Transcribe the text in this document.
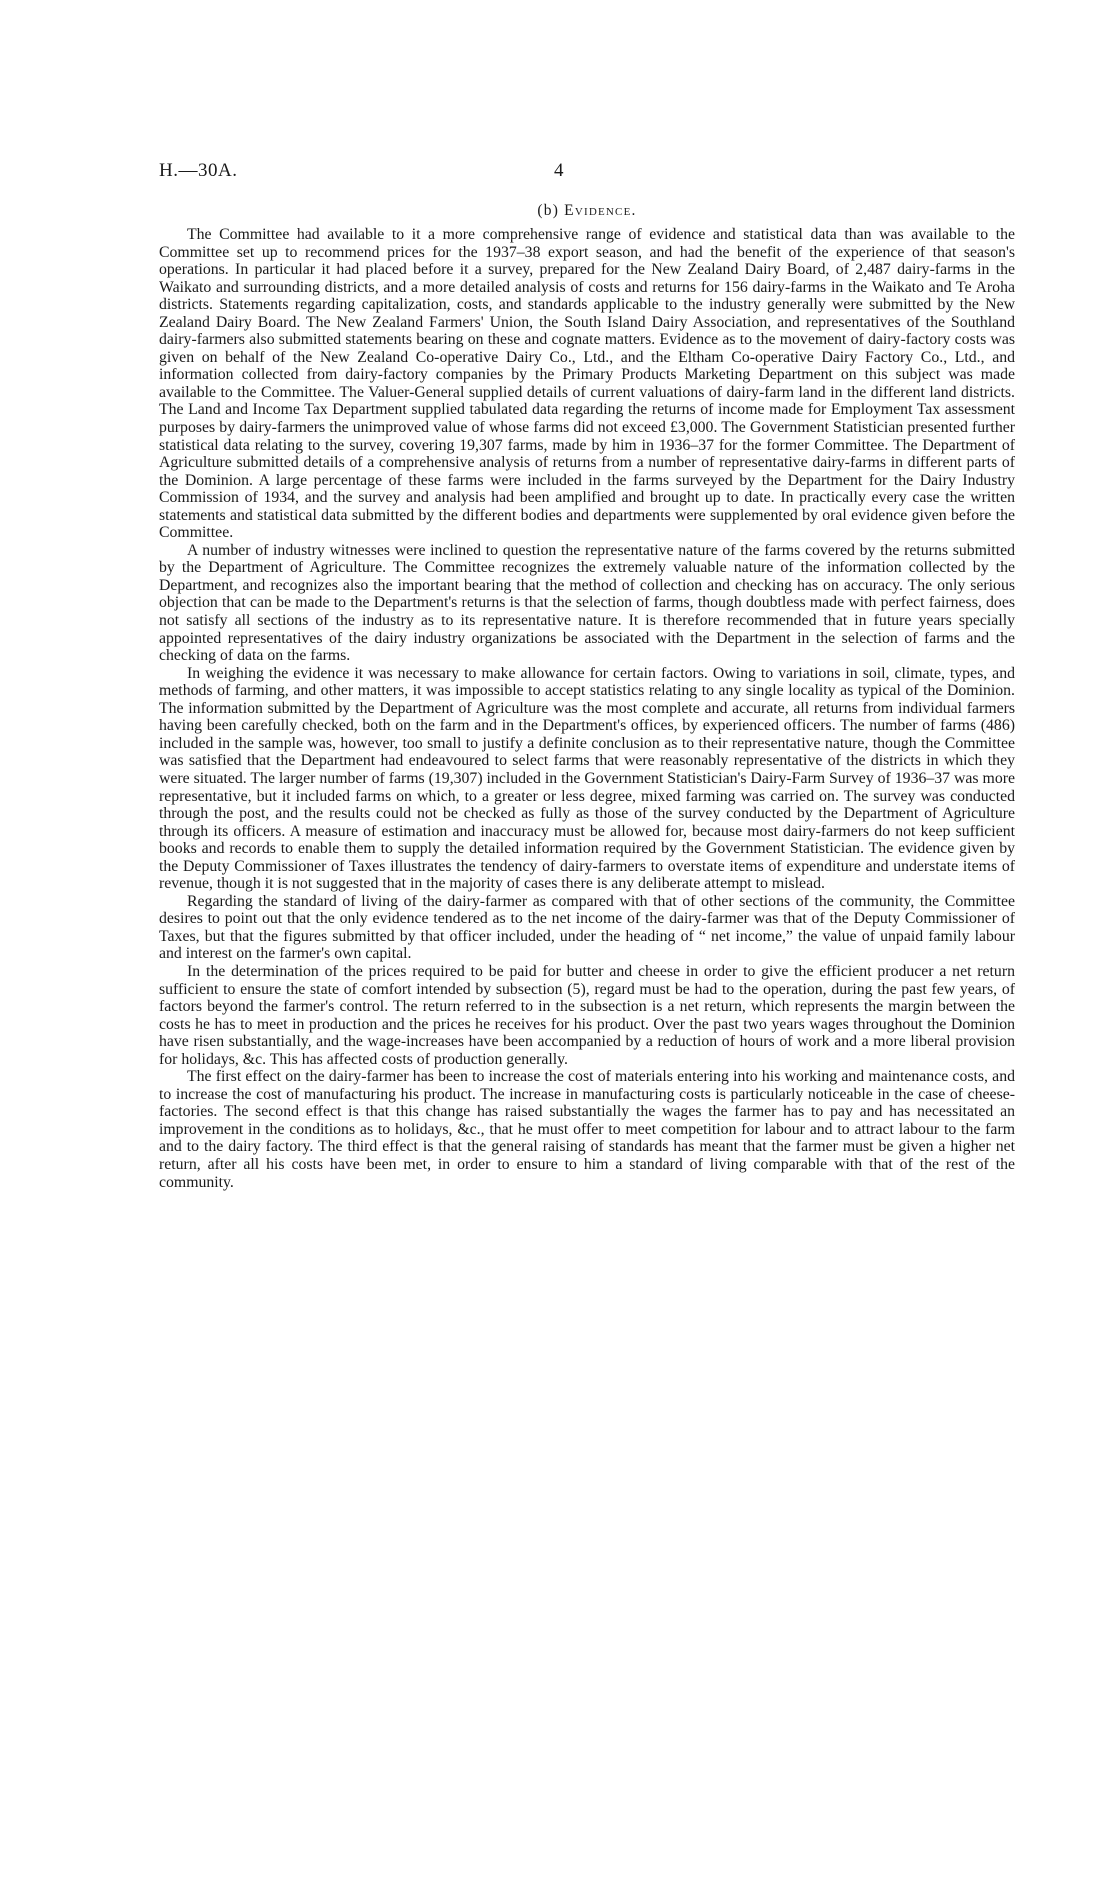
H.—30A.	4
(b) Evidence.

The Committee had available to it a more comprehensive range of evidence and statistical data than was available to the Committee set up to recommend prices for the 1937–38 export season, and had the benefit of the experience of that season's operations. In particular it had placed before it a survey, prepared for the New Zealand Dairy Board, of 2,487 dairy-farms in the Waikato and surrounding districts, and a more detailed analysis of costs and returns for 156 dairy-farms in the Waikato and Te Aroha districts. Statements regarding capitalization, costs, and standards applicable to the industry generally were submitted by the New Zealand Dairy Board. The New Zealand Farmers' Union, the South Island Dairy Association, and representatives of the Southland dairy-farmers also submitted statements bearing on these and cognate matters. Evidence as to the movement of dairy-factory costs was given on behalf of the New Zealand Co-operative Dairy Co., Ltd., and the Eltham Co-operative Dairy Factory Co., Ltd., and information collected from dairy-factory companies by the Primary Products Marketing Department on this subject was made available to the Committee. The Valuer-General supplied details of current valuations of dairy-farm land in the different land districts. The Land and Income Tax Department supplied tabulated data regarding the returns of income made for Employment Tax assessment purposes by dairy-farmers the unimproved value of whose farms did not exceed £3,000. The Government Statistician presented further statistical data relating to the survey, covering 19,307 farms, made by him in 1936–37 for the former Committee. The Department of Agriculture submitted details of a comprehensive analysis of returns from a number of representative dairy-farms in different parts of the Dominion. A large percentage of these farms were included in the farms surveyed by the Department for the Dairy Industry Commission of 1934, and the survey and analysis had been amplified and brought up to date. In practically every case the written statements and statistical data submitted by the different bodies and departments were supplemented by oral evidence given before the Committee.

A number of industry witnesses were inclined to question the representative nature of the farms covered by the returns submitted by the Department of Agriculture. The Committee recognizes the extremely valuable nature of the information collected by the Department, and recognizes also the important bearing that the method of collection and checking has on accuracy. The only serious objection that can be made to the Department's returns is that the selection of farms, though doubtless made with perfect fairness, does not satisfy all sections of the industry as to its representative nature. It is therefore recommended that in future years specially appointed representatives of the dairy industry organizations be associated with the Department in the selection of farms and the checking of data on the farms.

In weighing the evidence it was necessary to make allowance for certain factors. Owing to variations in soil, climate, types, and methods of farming, and other matters, it was impossible to accept statistics relating to any single locality as typical of the Dominion. The information submitted by the Department of Agriculture was the most complete and accurate, all returns from individual farmers having been carefully checked, both on the farm and in the Department's offices, by experienced officers. The number of farms (486) included in the sample was, however, too small to justify a definite conclusion as to their representative nature, though the Committee was satisfied that the Department had endeavoured to select farms that were reasonably representative of the districts in which they were situated. The larger number of farms (19,307) included in the Government Statistician's Dairy-Farm Survey of 1936–37 was more representative, but it included farms on which, to a greater or less degree, mixed farming was carried on. The survey was conducted through the post, and the results could not be checked as fully as those of the survey conducted by the Department of Agriculture through its officers. A measure of estimation and inaccuracy must be allowed for, because most dairy-farmers do not keep sufficient books and records to enable them to supply the detailed information required by the Government Statistician. The evidence given by the Deputy Commissioner of Taxes illustrates the tendency of dairy-farmers to overstate items of expenditure and understate items of revenue, though it is not suggested that in the majority of cases there is any deliberate attempt to mislead.

Regarding the standard of living of the dairy-farmer as compared with that of other sections of the community, the Committee desires to point out that the only evidence tendered as to the net income of the dairy-farmer was that of the Deputy Commissioner of Taxes, but that the figures submitted by that officer included, under the heading of “ net income,” the value of unpaid family labour and interest on the farmer's own capital.

In the determination of the prices required to be paid for butter and cheese in order to give the efficient producer a net return sufficient to ensure the state of comfort intended by subsection (5), regard must be had to the operation, during the past few years, of factors beyond the farmer's control. The return referred to in the subsection is a net return, which represents the margin between the costs he has to meet in production and the prices he receives for his product. Over the past two years wages throughout the Dominion have risen substantially, and the wage-increases have been accompanied by a reduction of hours of work and a more liberal provision for holidays, &c. This has affected costs of production generally.

The first effect on the dairy-farmer has been to increase the cost of materials entering into his working and maintenance costs, and to increase the cost of manufacturing his product. The increase in manufacturing costs is particularly noticeable in the case of cheese-factories. The second effect is that this change has raised substantially the wages the farmer has to pay and has necessitated an improvement in the conditions as to holidays, &c., that he must offer to meet competition for labour and to attract labour to the farm and to the dairy factory. The third effect is that the general raising of standards has meant that the farmer must be given a higher net return, after all his costs have been met, in order to ensure to him a standard of living comparable with that of the rest of the community.
